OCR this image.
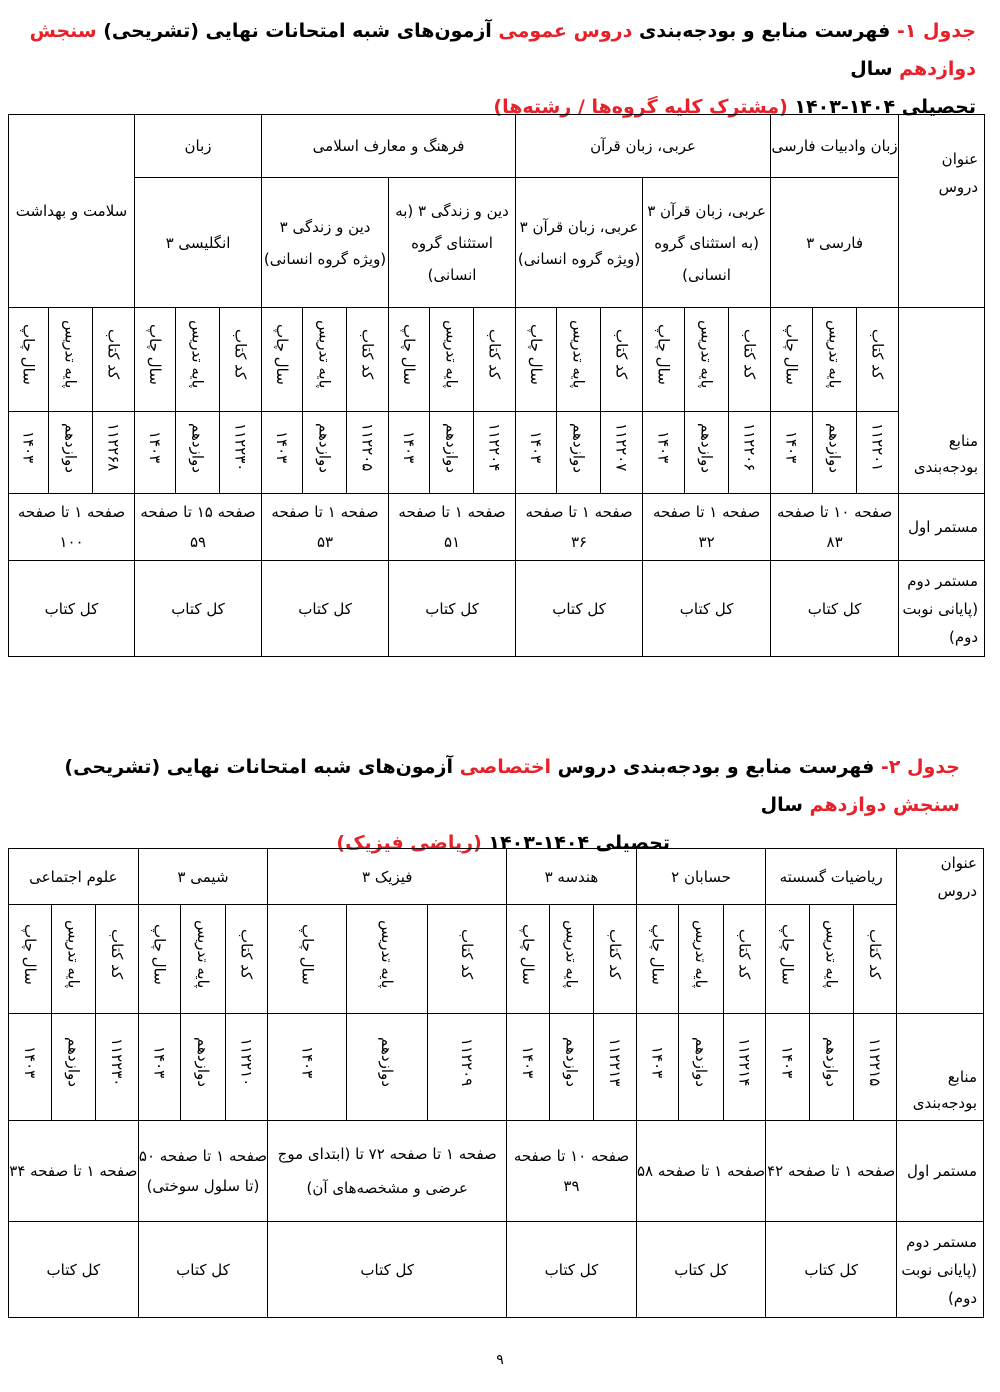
جدول ۱- فهرست منابع و بودجه‌بندی دروس عمومی آزمون‌های شبه امتحانات نهایی (تشریحی) سنجش دوازدهم سال

تحصیلی ۱۴۰۴-۱۴۰۳ (مشترک کلیه گروه‌ها / رشته‌ها)

عنوان دروس	زبان وادبیات فارسی			عربی، زبان قرآن						فرهنگ و معارف اسلامی						زبان			سلامت و بهداشت		
	فارسی ۳			عربی، زبان قرآن ۳ (به استثنای گروه انسانی)			عربی، زبان قرآن ۳ (ویژه گروه انسانی)			دین و زندگی ۳ (به استثنای گروه انسانی)			دین و زندگی ۳ (ویژه گروه انسانی)			انگلیسی ۳					
منابع بودجه‌بندی	کد کتاب	پایه تدریس	سال چاپ	کد کتاب	پایه تدریس	سال چاپ	کد کتاب	پایه تدریس	سال چاپ	کد کتاب	پایه تدریس	سال چاپ	کد کتاب	پایه تدریس	سال چاپ	کد کتاب	پایه تدریس	سال چاپ	کد کتاب	پایه تدریس	سال چاپ
	۱۱۲۲۰۱	دوازدهم	۱۴۰۳	۱۱۲۲۰۶	دوازدهم	۱۴۰۳	۱۱۲۲۰۷	دوازدهم	۱۴۰۳	۱۱۲۲۰۴	دوازدهم	۱۴۰۳	۱۱۲۲۰۵	دوازدهم	۱۴۰۳	۱۱۲۲۳۰	دوازدهم	۱۴۰۳	۱۱۲۲۶۸	دوازدهم	۱۴۰۳
مستمر اول	صفحه ۱۰ تا صفحه ۸۳			صفحه ۱ تا صفحه ۳۲			صفحه ۱ تا صفحه ۳۶			صفحه ۱ تا صفحه ۵۱			صفحه ۱ تا صفحه ۵۳			صفحه ۱۵ تا صفحه ۵۹			صفحه ۱ تا صفحه ۱۰۰		
مستمر دوم (پایانی نوبت دوم)	کل کتاب			کل کتاب			کل کتاب			کل کتاب			کل کتاب			کل کتاب			کل کتاب		

جدول ۲- فهرست منابع و بودجه‌بندی دروس اختصاصی آزمون‌های شبه امتحانات نهایی (تشریحی) سنجش دوازدهم سال

تحصیلی ۱۴۰۴-۱۴۰۳ (ریاضی فیزیک)

عنوان دروس	ریاضیات گسسته			حسابان ۲			هندسه ۳			فیزیک ۳			شیمی ۳			علوم اجتماعی		
	کد کتاب	پایه تدریس	سال چاپ	کد کتاب	پایه تدریس	سال چاپ	کد کتاب	پایه تدریس	سال چاپ	کد کتاب	پایه تدریس	سال چاپ	کد کتاب	پایه تدریس	سال چاپ	کد کتاب	پایه تدریس	سال چاپ
منابع بودجه‌بندی	۱۱۲۲۱۵	دوازدهم	۱۴۰۳	۱۱۲۲۱۴	دوازدهم	۱۴۰۳	۱۱۲۲۱۳	دوازدهم	۱۴۰۳	۱۱۲۲۰۹	دوازدهم	۱۴۰۳	۱۱۲۲۱۰	دوازدهم	۱۴۰۳	۱۱۲۲۳۰	دوازدهم	۱۴۰۳
مستمر اول	صفحه ۱ تا صفحه ۴۲			صفحه ۱ تا صفحه ۵۸			صفحه ۱۰ تا صفحه ۳۹			صفحه ۱ تا صفحه ۷۲ تا (ابتدای موج عرضی و مشخصه‌های آن)			صفحه ۱ تا صفحه ۵۰ (تا سلول سوختی)			صفحه ۱ تا صفحه ۳۴		
مستمر دوم (پایانی نوبت دوم)	کل کتاب			کل کتاب			کل کتاب			کل کتاب			کل کتاب			کل کتاب		
۹
